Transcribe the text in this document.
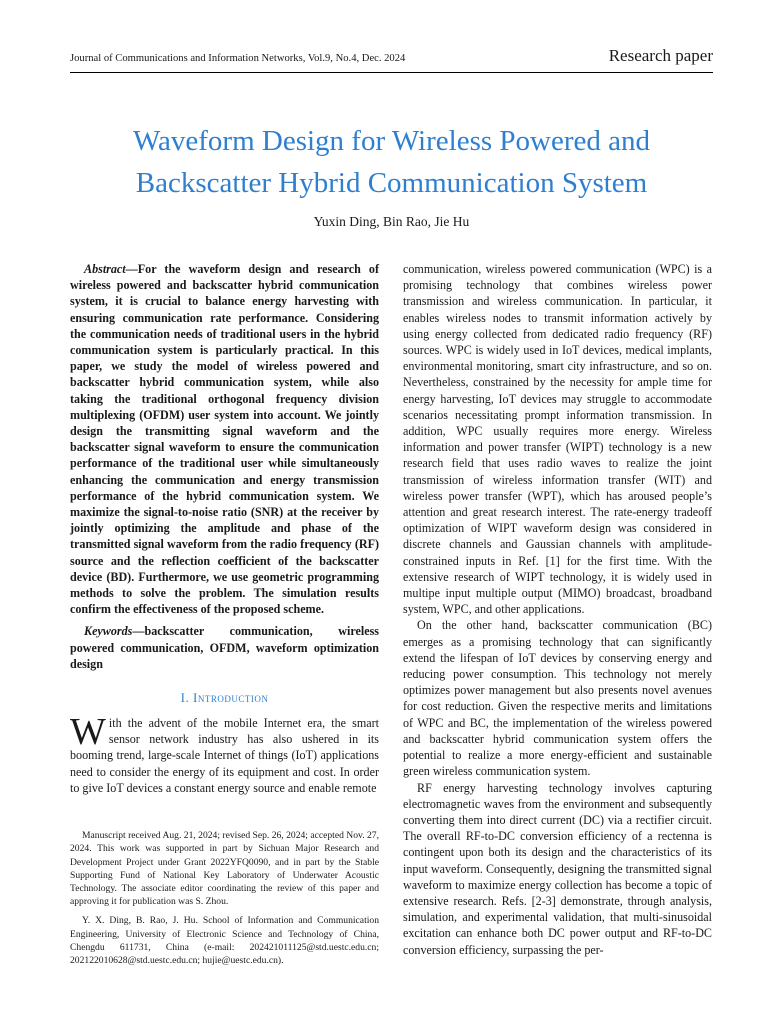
Journal of Communications and Information Networks, Vol.9, No.4, Dec. 2024	Research paper
Waveform Design for Wireless Powered and
Backscatter Hybrid Communication System
Yuxin Ding, Bin Rao, Jie Hu

Abstract—For the waveform design and research of wireless powered and backscatter hybrid communication system, it is crucial to balance energy harvesting with ensuring communication rate performance. Considering the communication needs of traditional users in the hybrid communication system is particularly practical. In this paper, we study the model of wireless powered and backscatter hybrid communication system, while also taking the traditional orthogonal frequency division multiplexing (OFDM) user system into account. We jointly design the transmitting signal waveform and the backscatter signal waveform to ensure the communication performance of the traditional user while simultaneously enhancing the communication and energy transmission performance of the hybrid communication system. We maximize the signal-to-noise ratio (SNR) at the receiver by jointly optimizing the amplitude and phase of the transmitted signal waveform from the radio frequency (RF) source and the reflection coefficient of the backscatter device (BD). Furthermore, we use geometric programming methods to solve the problem. The simulation results confirm the effectiveness of the proposed scheme.

Keywords—backscatter communication, wireless powered communication, OFDM, waveform optimization design

I. Introduction

With the advent of the mobile Internet era, the smart sensor network industry has also ushered in its booming trend, large-scale Internet of things (IoT) applications need to consider the energy of its equipment and cost. In order to give IoT devices a constant energy source and enable remote

Manuscript received Aug. 21, 2024; revised Sep. 26, 2024; accepted Nov. 27, 2024. This work was supported in part by Sichuan Major Research and Development Project under Grant 2022YFQ0090, and in part by the Stable Supporting Fund of National Key Laboratory of Underwater Acoustic Technology. The associate editor coordinating the review of this paper and approving it for publication was S. Zhou.

Y. X. Ding, B. Rao, J. Hu. School of Information and Communication Engineering, University of Electronic Science and Technology of China, Chengdu 611731, China (e-mail: 202421011125@std.uestc.edu.cn; 202122010628@std.uestc.edu.cn; hujie@uestc.edu.cn).

communication, wireless powered communication (WPC) is a promising technology that combines wireless power transmission and wireless communication. In particular, it enables wireless nodes to transmit information actively by using energy collected from dedicated radio frequency (RF) sources. WPC is widely used in IoT devices, medical implants, environmental monitoring, smart city infrastructure, and so on. Nevertheless, constrained by the necessity for ample time for energy harvesting, IoT devices may struggle to accommodate scenarios necessitating prompt information transmission. In addition, WPC usually requires more energy. Wireless information and power transfer (WIPT) technology is a new research field that uses radio waves to realize the joint transmission of wireless information transfer (WIT) and wireless power transfer (WPT), which has aroused people’s attention and great research interest. The rate-energy tradeoff optimization of WIPT waveform design was considered in discrete channels and Gaussian channels with amplitude-constrained inputs in Ref. [1] for the first time. With the extensive research of WIPT technology, it is widely used in multipe input multiple output (MIMO) broadcast, broadband system, WPC, and other applications.

On the other hand, backscatter communication (BC) emerges as a promising technology that can significantly extend the lifespan of IoT devices by conserving energy and reducing power consumption. This technology not merely optimizes power management but also presents novel avenues for cost reduction. Given the respective merits and limitations of WPC and BC, the implementation of the wireless powered and backscatter hybrid communication system offers the potential to realize a more energy-efficient and sustainable green wireless communication system.

RF energy harvesting technology involves capturing electromagnetic waves from the environment and subsequently converting them into direct current (DC) via a rectifier circuit. The overall RF-to-DC conversion efficiency of a rectenna is contingent upon both its design and the characteristics of its input waveform. Consequently, designing the transmitted signal waveform to maximize energy collection has become a topic of extensive research. Refs. [2-3] demonstrate, through analysis, simulation, and experimental validation, that multi-sinusoidal excitation can enhance both DC power output and RF-to-DC conversion efficiency, surpassing the per-
